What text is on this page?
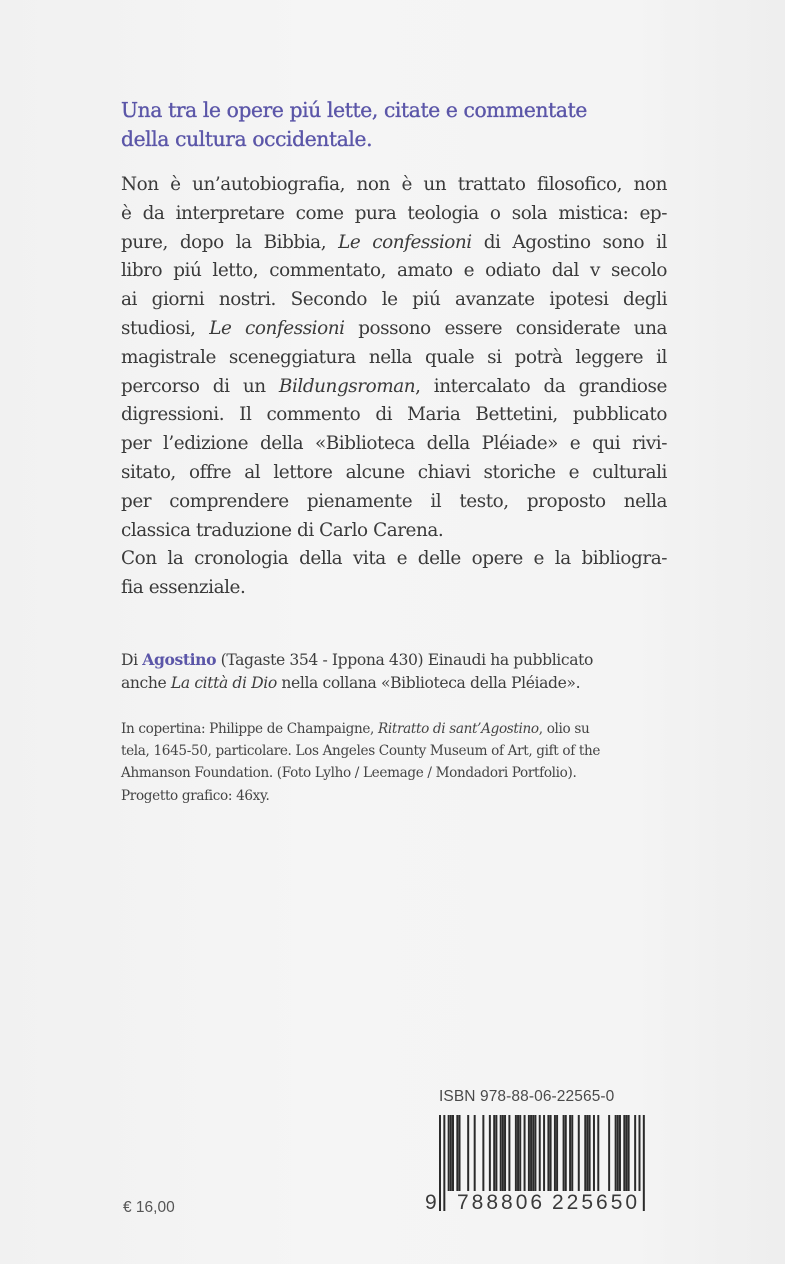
Una tra le opere piú lette, citate e commentate
della cultura occidentale.
Non è un’autobiografia, non è un trattato filosofico, non
è da interpretare come pura teologia o sola mistica: ep-
pure, dopo la Bibbia, Le confessioni di Agostino sono il
libro piú letto, commentato, amato e odiato dal v secolo
ai giorni nostri. Secondo le piú avanzate ipotesi degli
studiosi, Le confessioni possono essere considerate una
magistrale sceneggiatura nella quale si potrà leggere il
percorso di un Bildungsroman, intercalato da grandiose
digressioni. Il commento di Maria Bettetini, pubblicato
per l’edizione della «Biblioteca della Pléiade» e qui rivi-
sitato, offre al lettore alcune chiavi storiche e culturali
per comprendere pienamente il testo, proposto nella
classica traduzione di Carlo Carena.
Con la cronologia della vita e delle opere e la bibliogra-
fia essenziale.

Di Agostino (Tagaste 354 - Ippona 430) Einaudi ha pubblicato
anche La città di Dio nella collana «Biblioteca della Pléiade».

In copertina: Philippe de Champaigne, Ritratto di sant’Agostino, olio su
tela, 1645-50, particolare. Los Angeles County Museum of Art, gift of the
Ahmanson Foundation. (Foto Lylho / Leemage / Mondadori Portfolio).
Progetto grafico: 46xy.

ISBN 978-88-06-22565-0
9 788806 225650
€ 16,00
